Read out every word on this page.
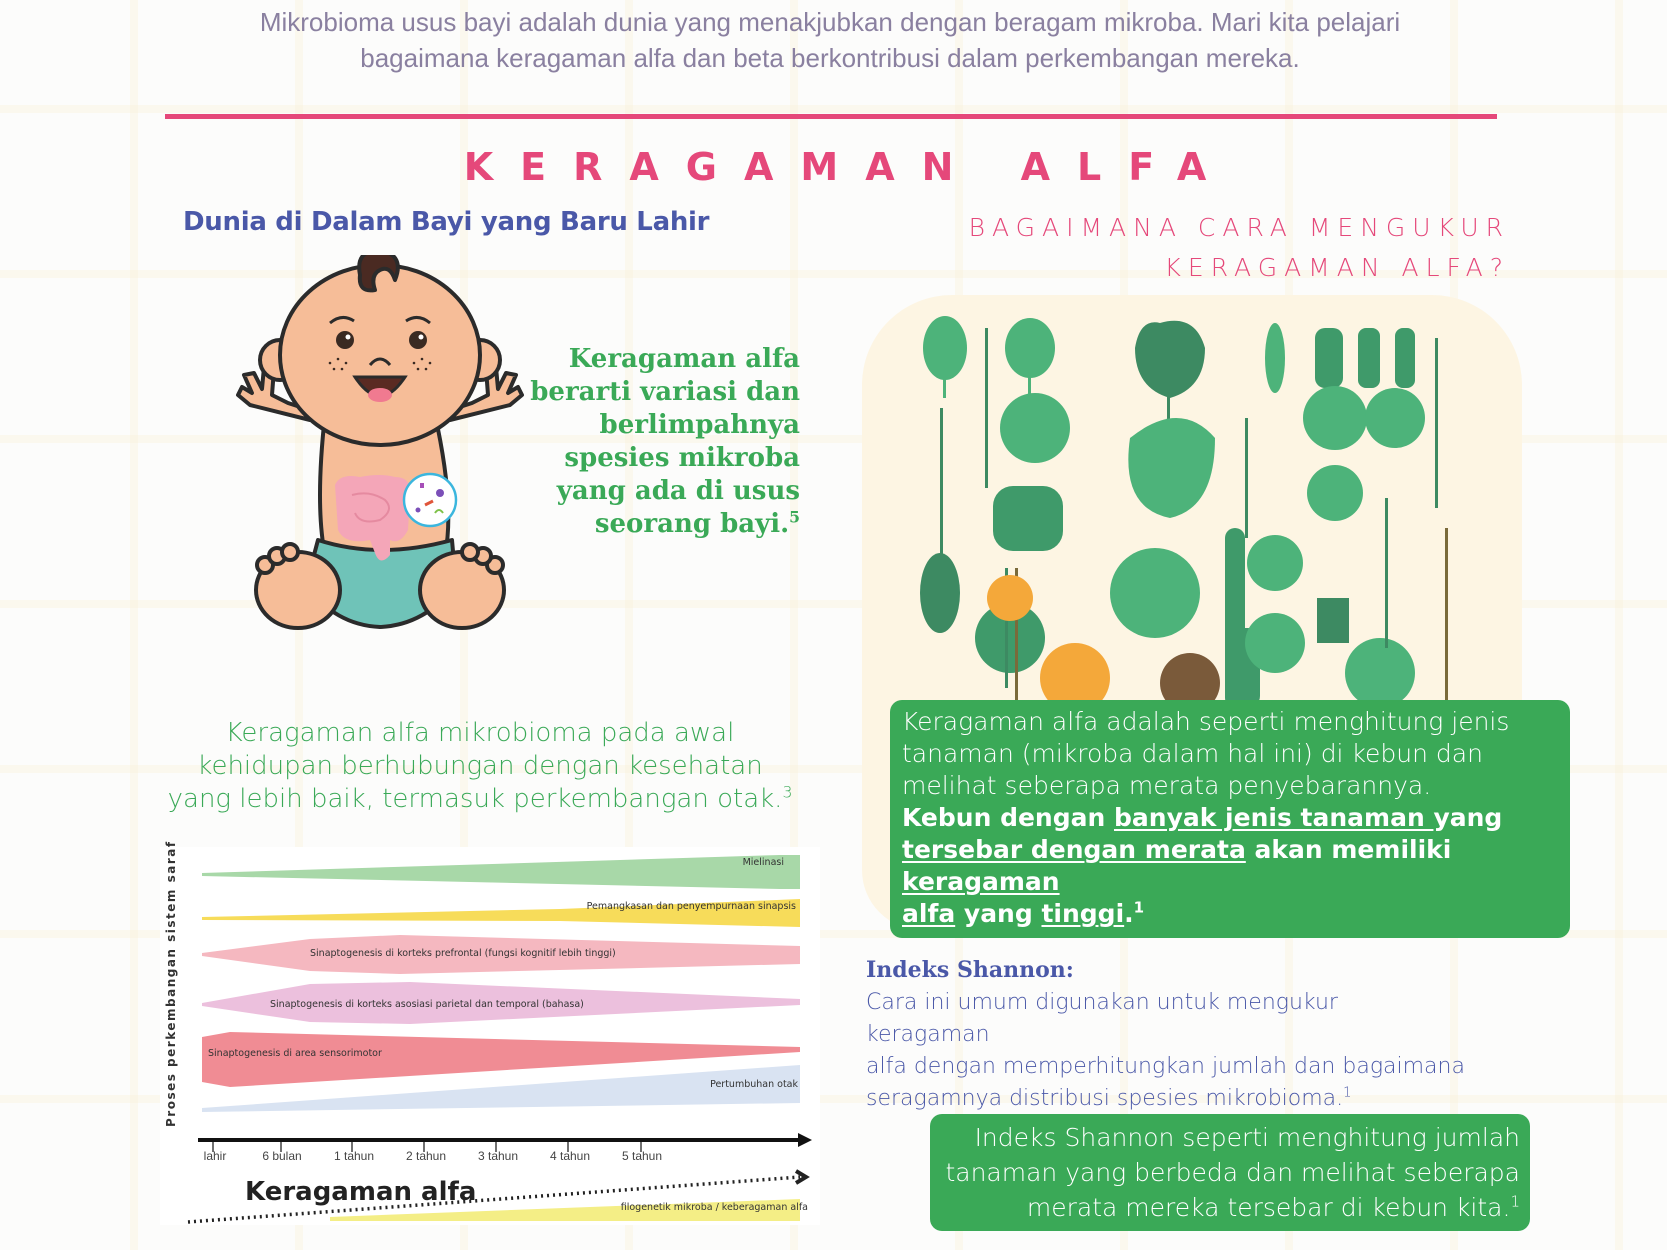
Mikrobioma usus bayi adalah dunia yang menakjubkan dengan beragam mikroba. Mari kita pelajari
bagaimana keragaman alfa dan beta berkontribusi dalam perkembangan mereka.
KERAGAMAN ALFA
Dunia di Dalam Bayi yang Baru Lahir	BAGAIMANA CARA MENGUKUR
KERAGAMAN ALFA?
Keragaman alfa
berarti variasi dan
berlimpahnya
spesies mikroba
yang ada di usus
seorang bayi.$^5$
Keragaman alfa mikrobioma pada awal
kehidupan berhubungan dengan kesehatan
yang lebih baik, termasuk perkembangan otak.$^3$
Proses perkembangan sistem saraf	Mielinasi
Pemangkasan dan penyempurnaan sinapsis
Sinaptogenesis di korteks prefrontal (fungsi kognitif lebih tinggi)
Sinaptogenesis di korteks asosiasi parietal dan temporal (bahasa)
Sinaptogenesis di area sensorimotor
Pertumbuhan otak
lahir	6 bulan	1 tahun	2 tahun	3 tahun	4 tahun	5 tahun
Keragaman alfa
filogenetik mikroba / keberagaman alfa
Keragaman alfa adalah seperti menghitung jenis
tanaman (mikroba dalam hal ini) di kebun dan
melihat seberapa merata penyebarannya.
Kebun dengan banyak jenis tanaman yang
tersebar dengan merata akan memiliki keragaman
alfa yang tinggi.$^1$
Indeks Shannon:
Cara ini umum digunakan untuk mengukur keragaman
alfa dengan memperhitungkan jumlah dan bagaimana
seragamnya distribusi spesies mikrobioma.$^1$
Indeks Shannon seperti menghitung jumlah
tanaman yang berbeda dan melihat seberapa
merata mereka tersebar di kebun kita.$^1$
